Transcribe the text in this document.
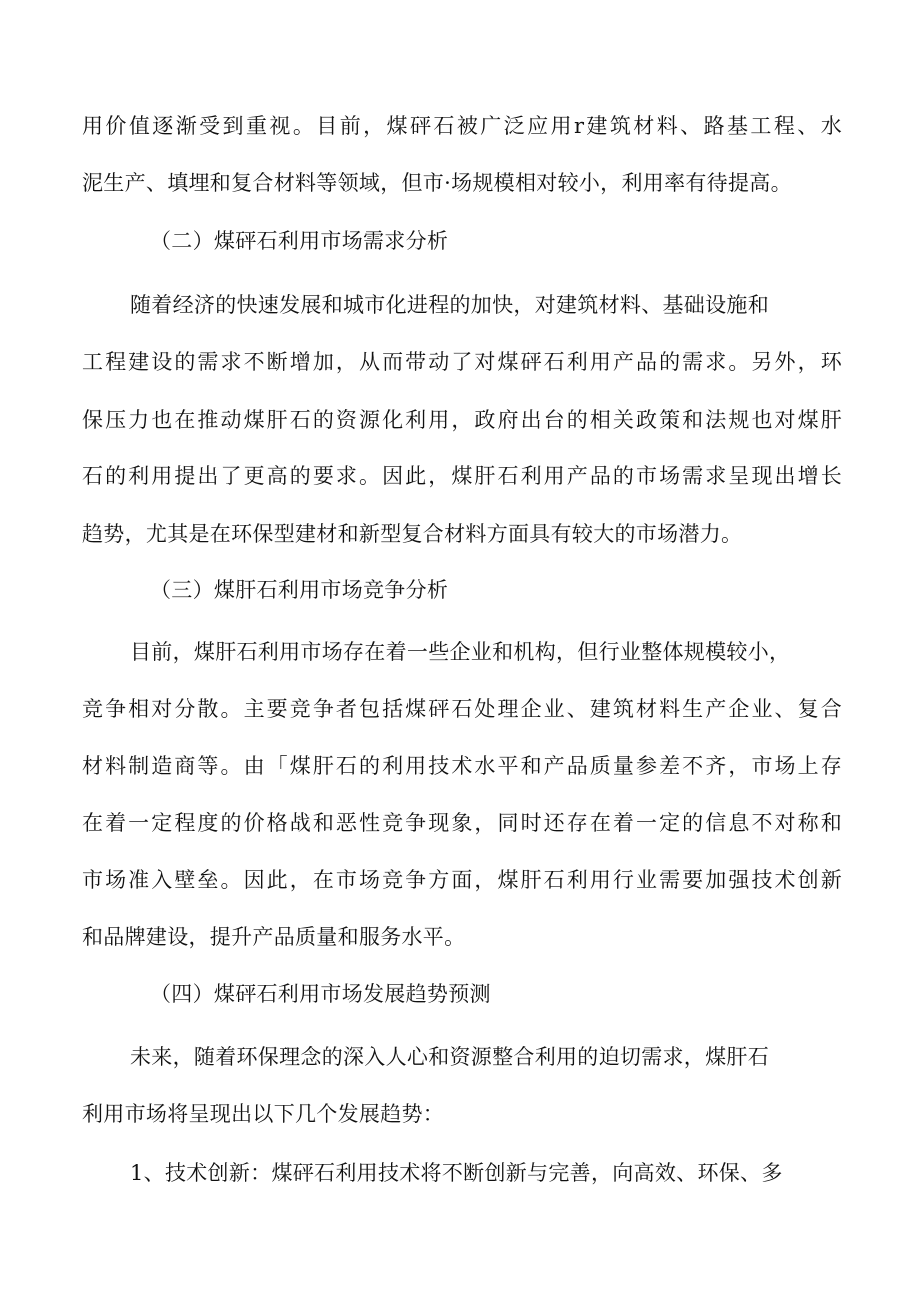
用价值逐渐受到重视。目前，煤砰石被广泛应用r建筑材料、路基工程、水
泥生产、填埋和复合材料等领域，但市·场规模相对较小，利用率有待提高。
（二）煤砰石利用市场需求分析
随着经济的快速发展和城市化进程的加快，对建筑材料、基础设施和
工程建设的需求不断增加，从而带动了对煤砰石利用产品的需求。另外，环
保压力也在推动煤肝石的资源化利用，政府出台的相关政策和法规也对煤肝
石的利用提出了更高的要求。因此，煤肝石利用产品的市场需求呈现出增长
趋势，尤其是在环保型建材和新型复合材料方面具有较大的市场潜力。
（三）煤肝石利用市场竞争分析
目前，煤肝石利用市场存在着一些企业和机构，但行业整体规模较小，
竞争相对分散。主要竞争者包括煤砰石处理企业、建筑材料生产企业、复合
材料制造商等。由「煤肝石的利用技术水平和产品质量参差不齐，市场上存
在着一定程度的价格战和恶性竞争现象，同时还存在着一定的信息不对称和
市场准入壁垒。因此，在市场竞争方面，煤肝石利用行业需要加强技术创新
和品牌建设，提升产品质量和服务水平。
（四）煤砰石利用市场发展趋势预测
未来，随着环保理念的深入人心和资源整合利用的迫切需求，煤肝石
利用市场将呈现出以下几个发展趋势：
1、技术创新：煤砰石利用技术将不断创新与完善，向高效、环保、多
